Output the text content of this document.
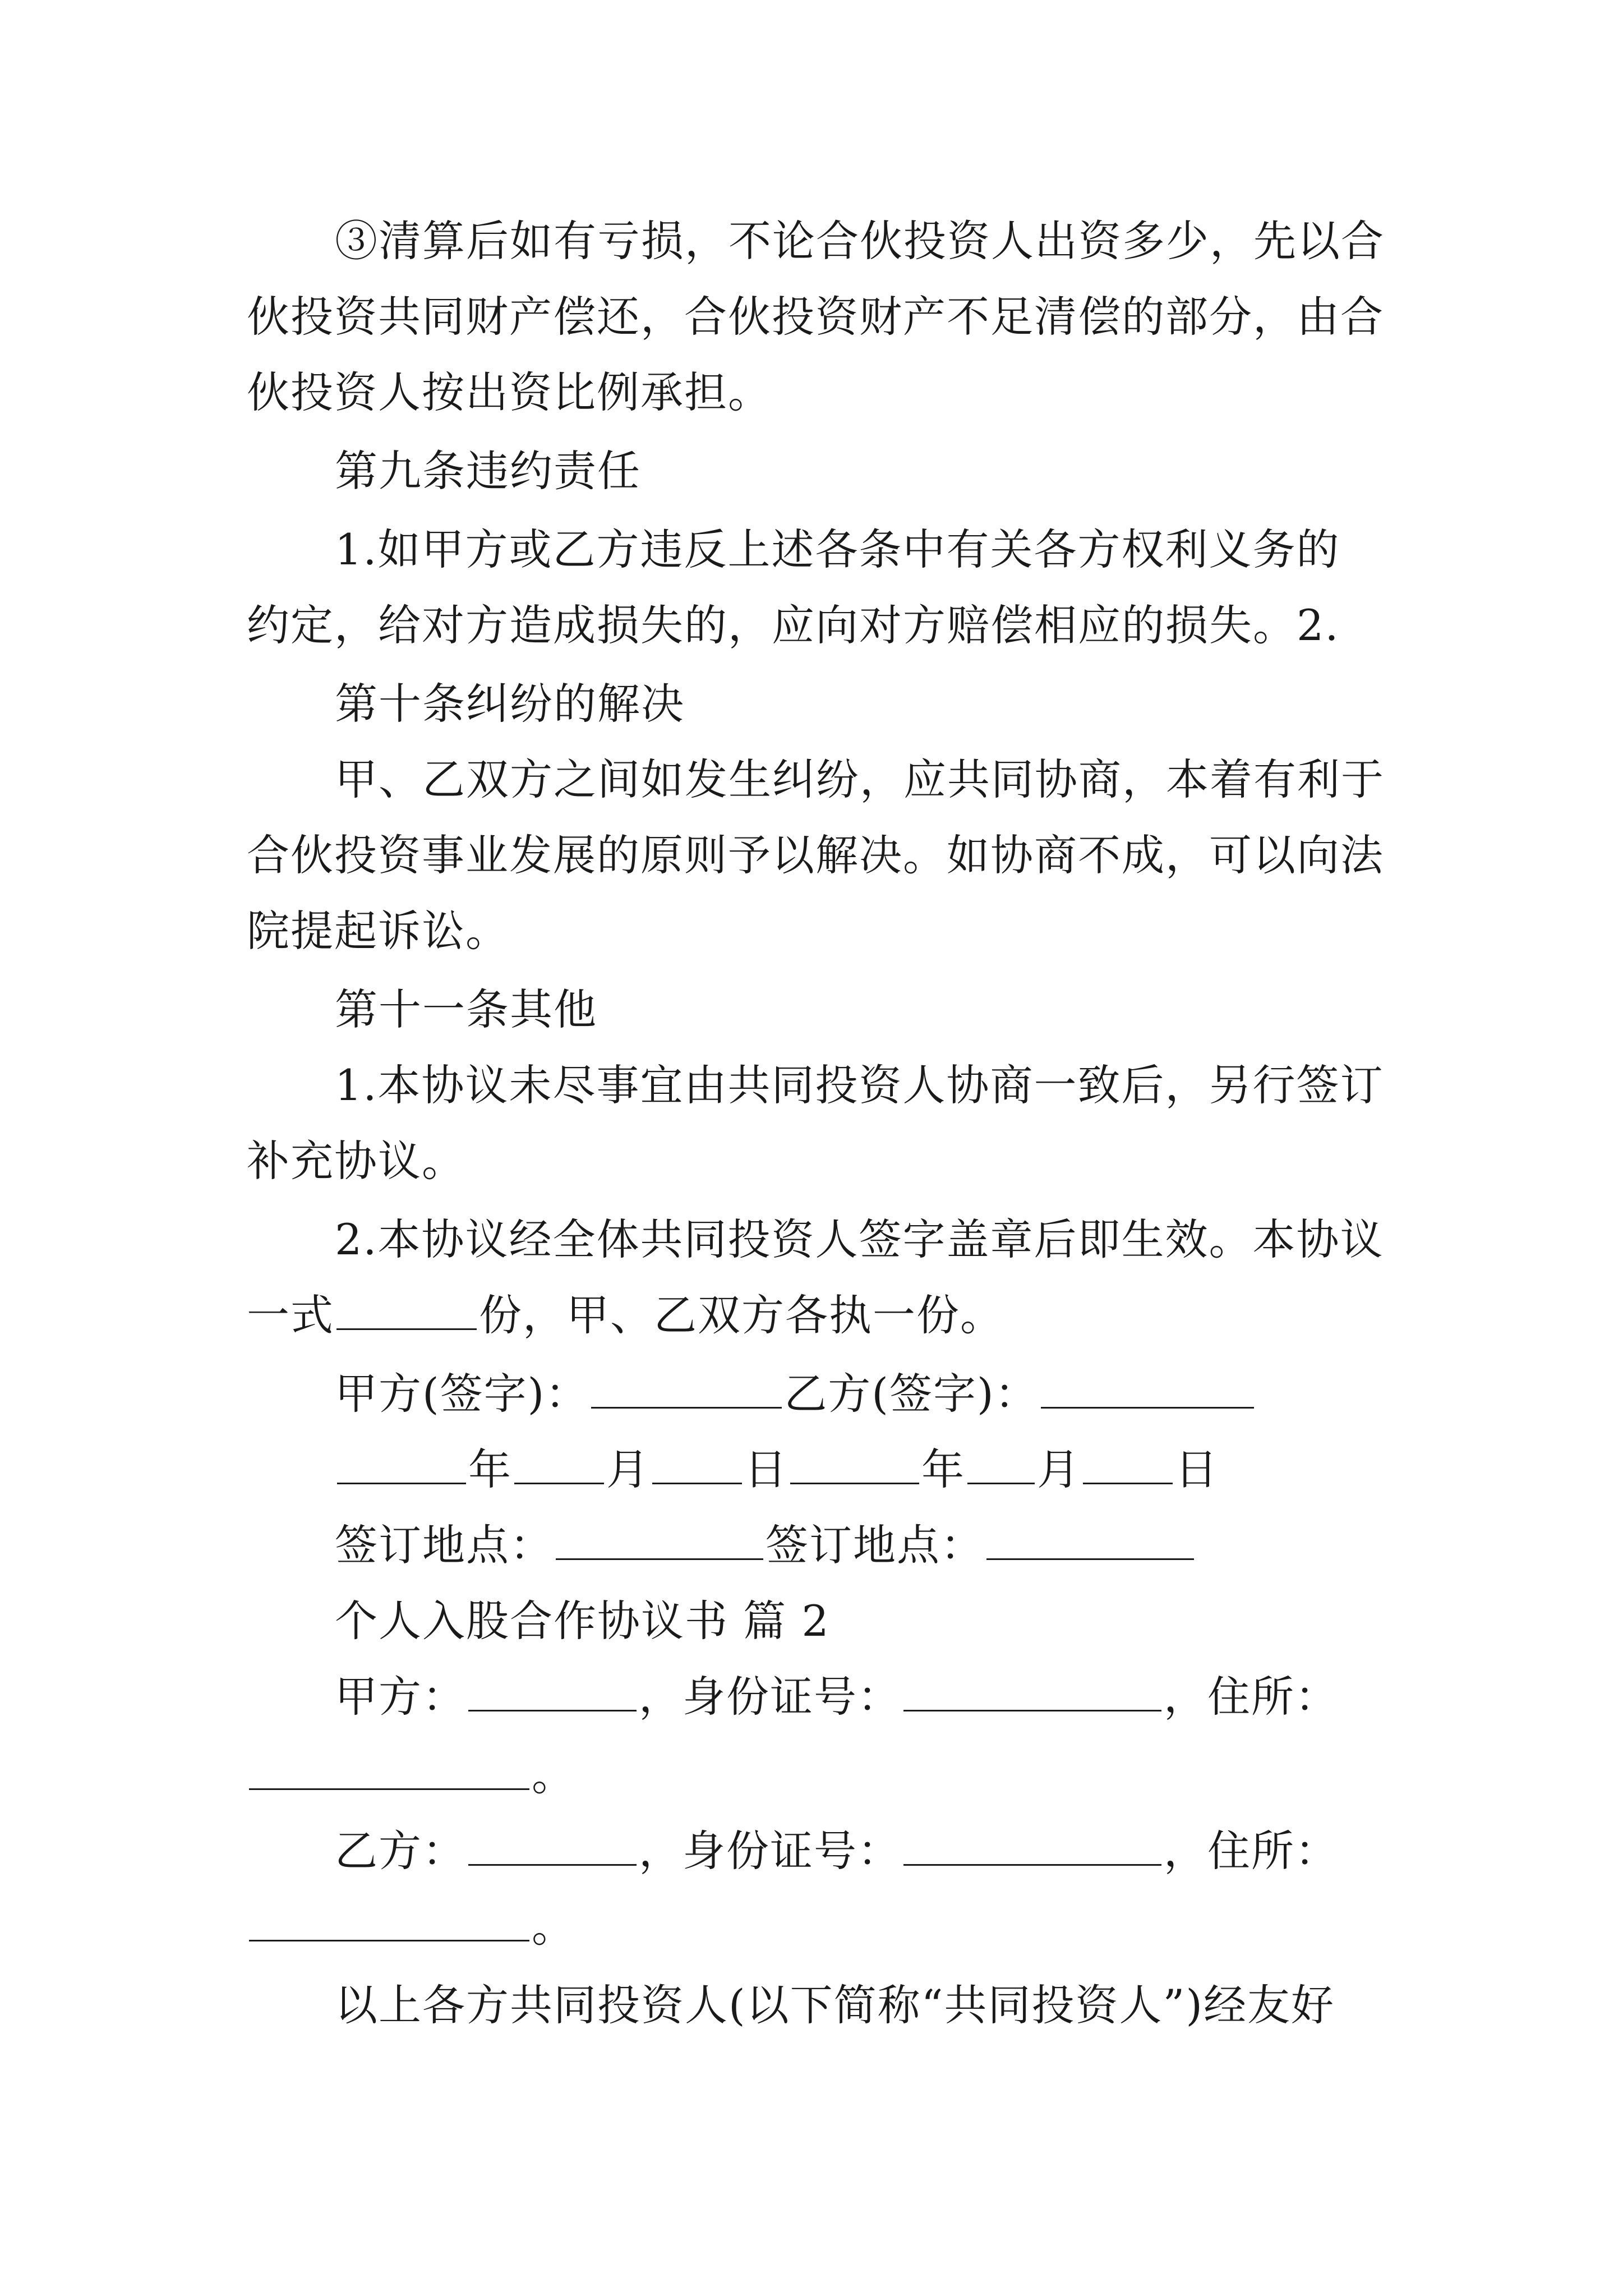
③清算后如有亏损，不论合伙投资人出资多少，先以合
伙投资共同财产偿还，合伙投资财产不足清偿的部分，由合
伙投资人按出资比例承担。
第九条违约责任
1.如甲方或乙方违反上述各条中有关各方权利义务的
约定，给对方造成损失的，应向对方赔偿相应的损失。2.
第十条纠纷的解决
甲、乙双方之间如发生纠纷，应共同协商，本着有利于
合伙投资事业发展的原则予以解决。如协商不成，可以向法
院提起诉讼。
第十一条其他
1.本协议未尽事宜由共同投资人协商一致后，另行签订
补充协议。
2.本协议经全体共同投资人签字盖章后即生效。本协议
一式	份，甲、乙双方各执一份。
甲方(签字)：	乙方(签字)：
年 月 日	年 月 日
签订地点：	签订地点：
个人入股合作协议书 篇 2
甲方：	，身份证号：	，住所：
。
乙方：	，身份证号：	，住所：
。
以上各方共同投资人(以下简称“共同投资人”)经友好
